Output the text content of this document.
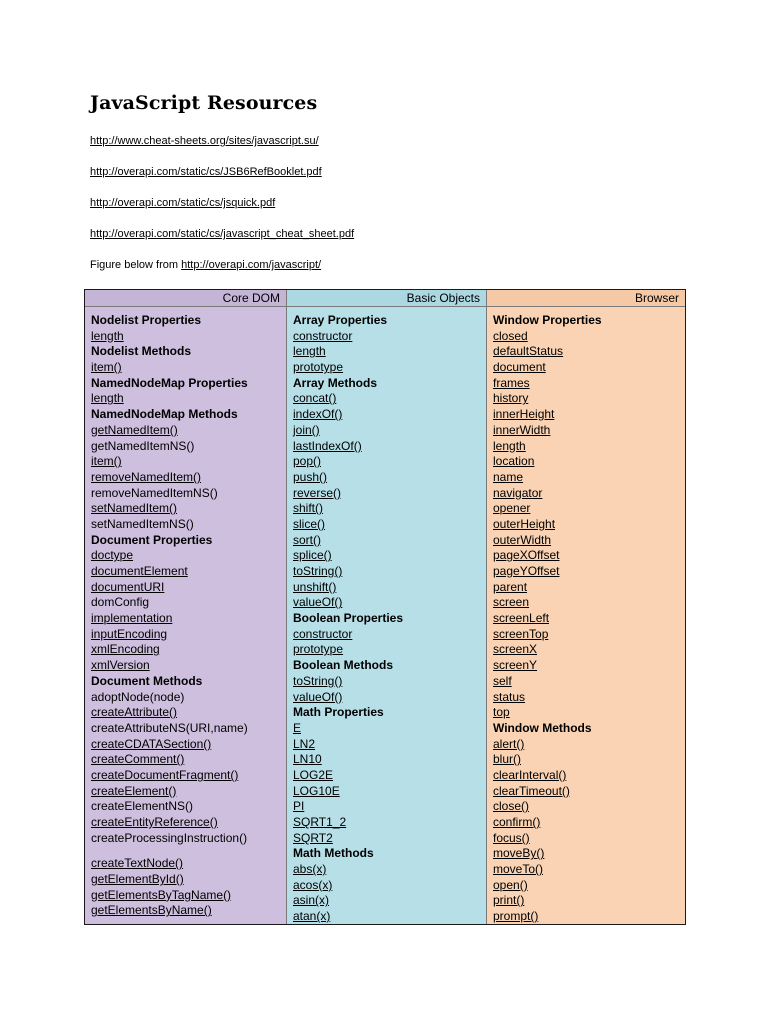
JavaScript Resources
http://www.cheat-sheets.org/sites/javascript.su/
http://overapi.com/static/cs/JSB6RefBooklet.pdf
http://overapi.com/static/cs/jsquick.pdf
http://overapi.com/static/cs/javascript_cheat_sheet.pdf
Figure below from http://overapi.com/javascript/
Core DOM
Nodelist Properties
length
Nodelist Methods
item()
NamedNodeMap Properties
length
NamedNodeMap Methods
getNamedItem()
getNamedItemNS()
item()
removeNamedItem()
removeNamedItemNS()
setNamedItem()
setNamedItemNS()
Document Properties
doctype
documentElement
documentURI
domConfig
implementation
inputEncoding
xmlEncoding
xmlVersion
Document Methods
adoptNode(node)
createAttribute()
createAttributeNS(URI,name)
createCDATASection()
createComment()
createDocumentFragment()
createElement()
createElementNS()
createEntityReference()
createProcessingInstruction()
createTextNode()
getElementById()
getElementsByTagName()
getElementsByName()
Basic Objects
Array Properties
constructor
length
prototype
Array Methods
concat()
indexOf()
join()
lastIndexOf()
pop()
push()
reverse()
shift()
slice()
sort()
splice()
toString()
unshift()
valueOf()
Boolean Properties
constructor
prototype
Boolean Methods
toString()
valueOf()
Math Properties
E
LN2
LN10
LOG2E
LOG10E
PI
SQRT1_2
SQRT2
Math Methods
abs(x)
acos(x)
asin(x)
atan(x)
Browser
Window Properties
closed
defaultStatus
document
frames
history
innerHeight
innerWidth
length
location
name
navigator
opener
outerHeight
outerWidth
pageXOffset
pageYOffset
parent
screen
screenLeft
screenTop
screenX
screenY
self
status
top
Window Methods
alert()
blur()
clearInterval()
clearTimeout()
close()
confirm()
focus()
moveBy()
moveTo()
open()
print()
prompt()
